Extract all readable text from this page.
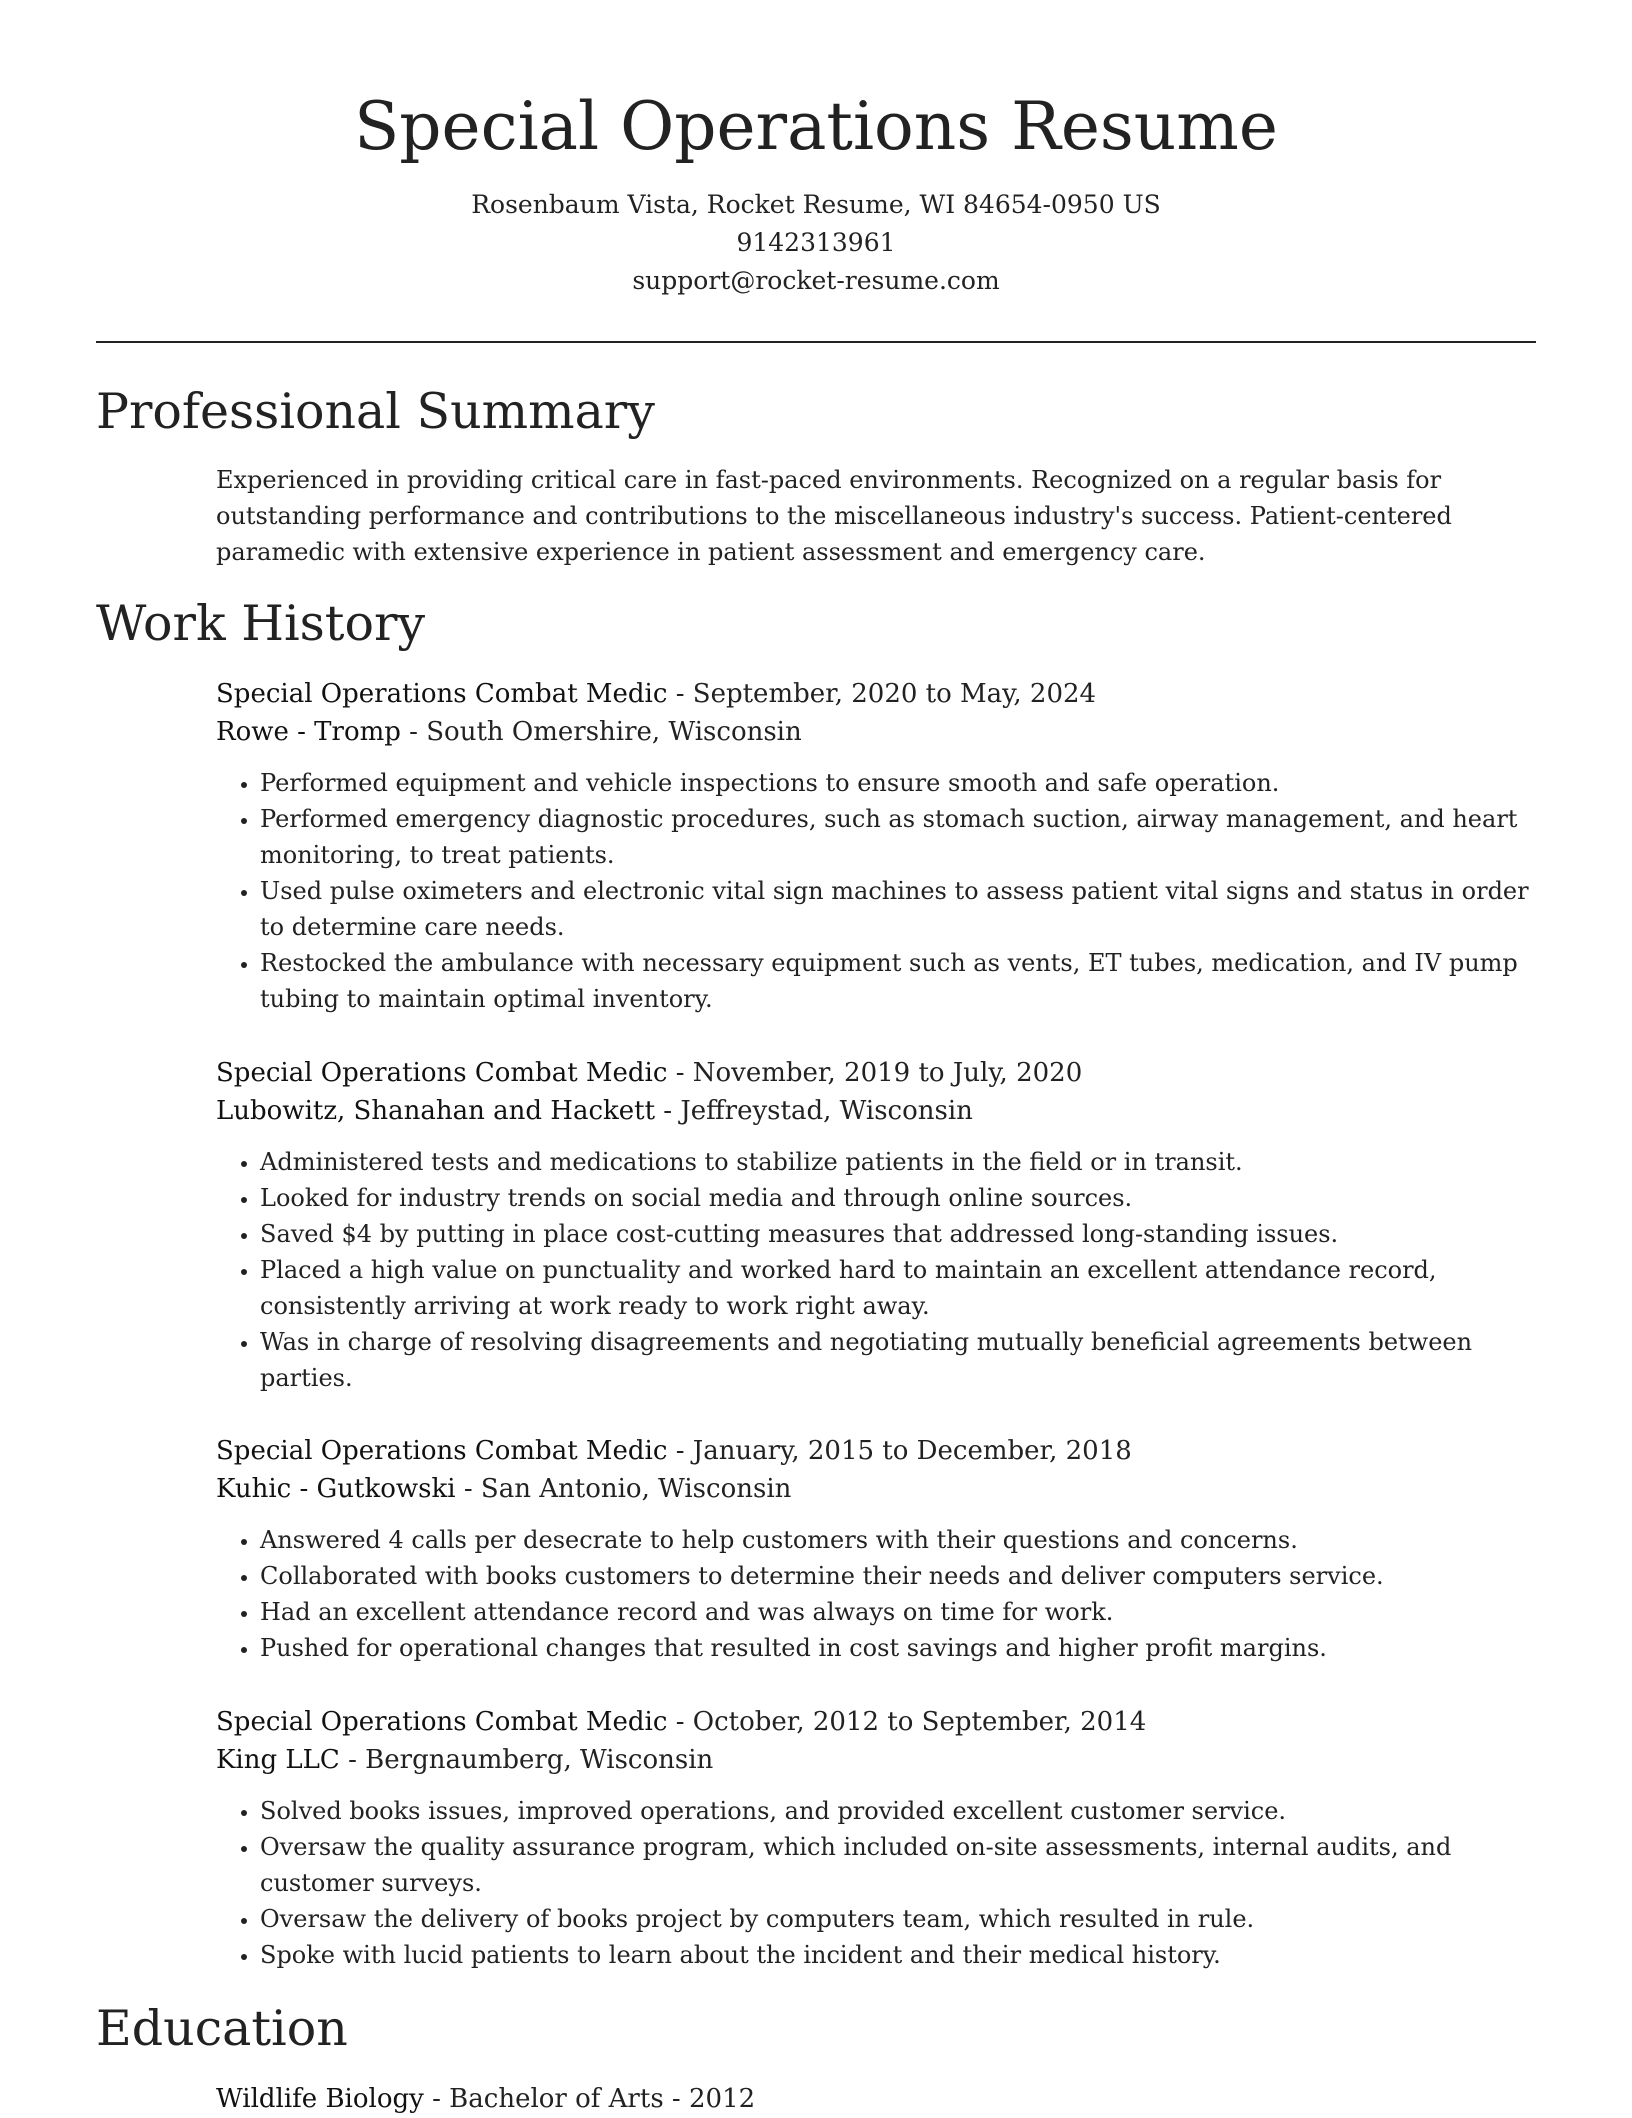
Special Operations Resume
Rosenbaum Vista, Rocket Resume, WI 84654-0950 US
9142313961
support@rocket-resume.com
Professional Summary

Experienced in providing critical care in fast-paced environments. Recognized on a regular basis for outstanding performance and contributions to the miscellaneous industry's success. Patient-centered paramedic with extensive experience in patient assessment and emergency care.

Work History
Special Operations Combat Medic - September, 2020 to May, 2024
Rowe - Tromp - South Omershire, Wisconsin
• Performed equipment and vehicle inspections to ensure smooth and safe operation.
• Performed emergency diagnostic procedures, such as stomach suction, airway management, and heart monitoring, to treat patients.
• Used pulse oximeters and electronic vital sign machines to assess patient vital signs and status in order to determine care needs.
• Restocked the ambulance with necessary equipment such as vents, ET tubes, medication, and IV pump tubing to maintain optimal inventory.
Special Operations Combat Medic - November, 2019 to July, 2020
Lubowitz, Shanahan and Hackett - Jeffreystad, Wisconsin
• Administered tests and medications to stabilize patients in the field or in transit.
• Looked for industry trends on social media and through online sources.
• Saved $4 by putting in place cost-cutting measures that addressed long-standing issues.
• Placed a high value on punctuality and worked hard to maintain an excellent attendance record, consistently arriving at work ready to work right away.
• Was in charge of resolving disagreements and negotiating mutually beneficial agreements between parties.
Special Operations Combat Medic - January, 2015 to December, 2018
Kuhic - Gutkowski - San Antonio, Wisconsin
• Answered 4 calls per desecrate to help customers with their questions and concerns.
• Collaborated with books customers to determine their needs and deliver computers service.
• Had an excellent attendance record and was always on time for work.
• Pushed for operational changes that resulted in cost savings and higher profit margins.
Special Operations Combat Medic - October, 2012 to September, 2014
King LLC - Bergnaumberg, Wisconsin
• Solved books issues, improved operations, and provided excellent customer service.
• Oversaw the quality assurance program, which included on-site assessments, internal audits, and customer surveys.
• Oversaw the delivery of books project by computers team, which resulted in rule.
• Spoke with lucid patients to learn about the incident and their medical history.
Education
Wildlife Biology - Bachelor of Arts - 2012
